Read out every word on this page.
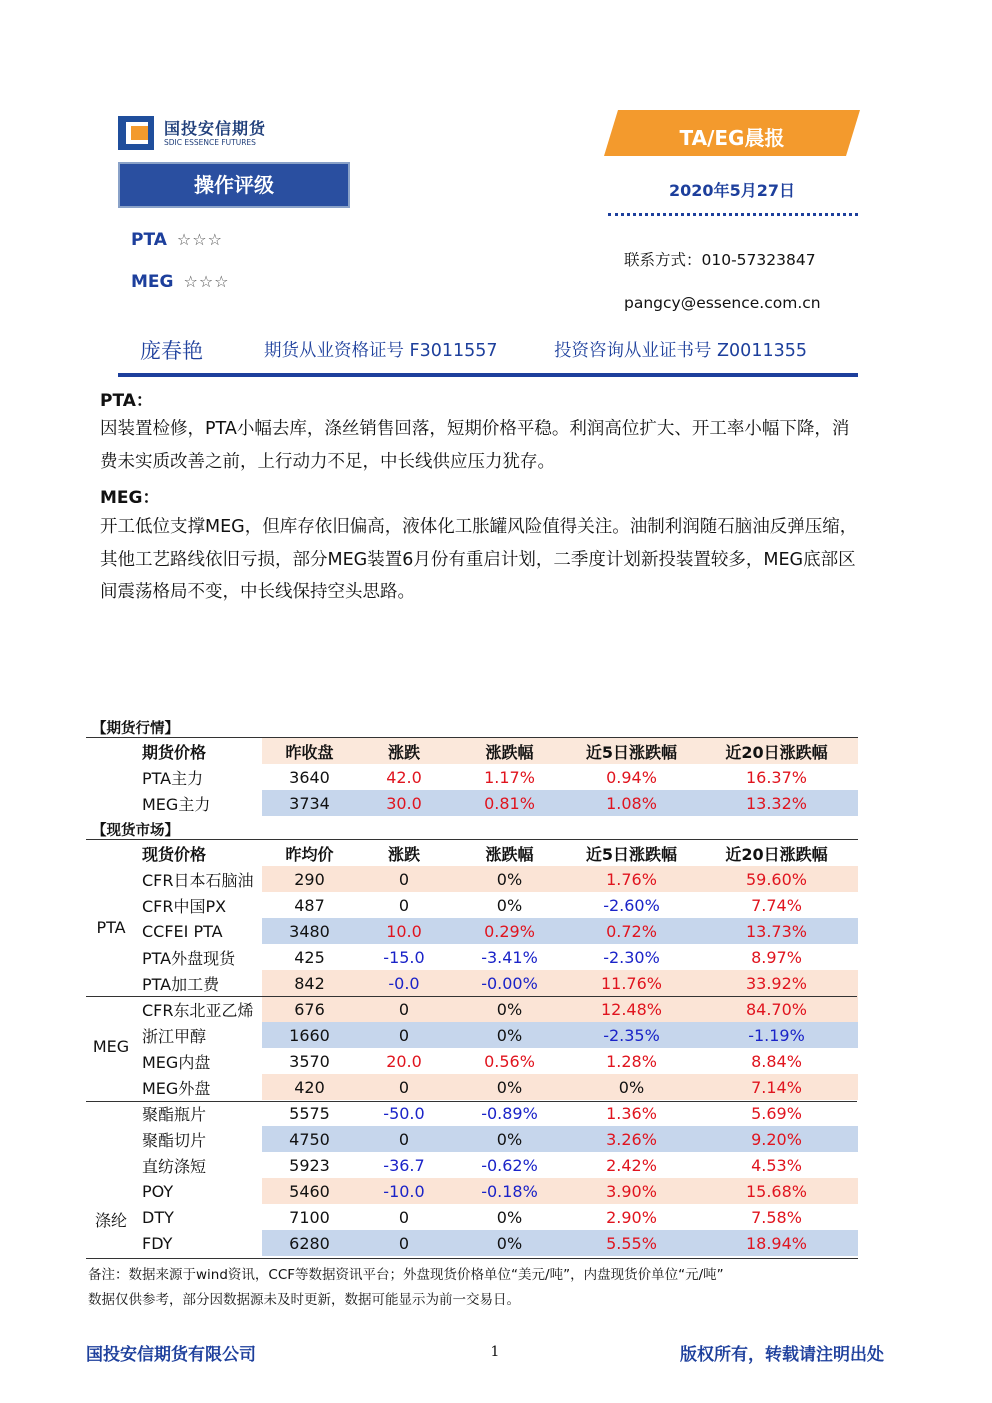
国投安信期货
SDIC ESSENCE FUTURES	TA/EG晨报
操作评级	2020年5月27日
PTA ☆☆☆
MEG ☆☆☆
联系方式：010-57323847
pangcy@essence.com.cn
庞春艳	期货从业资格证号 F3011557	投资咨询从业证书号 Z0011355
PTA：
因装置检修，PTA小幅去库，涤丝销售回落，短期价格平稳。利润高位扩大、开工率小幅下降，消费未实质改善之前，上行动力不足，中长线供应压力犹存。
MEG：
开工低位支撑MEG，但库存依旧偏高，液体化工胀罐风险值得关注。油制利润随石脑油反弹压缩，其他工艺路线依旧亏损，部分MEG装置6月份有重启计划，二季度计划新投装置较多，MEG底部区间震荡格局不变，中长线保持空头思路。
【期货行情】
	期货价格	昨收盘	涨跌	涨跌幅	近5日涨跌幅	近20日涨跌幅
	PTA主力	3640	42.0	1.17%	0.94%	16.37%
	MEG主力	3734	30.0	0.81%	1.08%	13.32%
【现货市场】
	现货价格	昨均价	涨跌	涨跌幅	近5日涨跌幅	近20日涨跌幅
	CFR日本石脑油	290	0	0%	1.76%	59.60%
	CFR中国PX	487	0	0%	-2.60%	7.74%
	CCFEI PTA	3480	10.0	0.29%	0.72%	13.73%
	PTA外盘现货	425	-15.0	-3.41%	-2.30%	8.97%
	PTA加工费	842	-0.0	-0.00%	11.76%	33.92%
	CFR东北亚乙烯	676	0	0%	12.48%	84.70%
	浙江甲醇	1660	0	0%	-2.35%	-1.19%
	MEG内盘	3570	20.0	0.56%	1.28%	8.84%
	MEG外盘	420	0	0%	0%	7.14%
	聚酯瓶片	5575	-50.0	-0.89%	1.36%	5.69%
	聚酯切片	4750	0	0%	3.26%	9.20%
	直纺涤短	5923	-36.7	-0.62%	2.42%	4.53%
	POY	5460	-10.0	-0.18%	3.90%	15.68%
	DTY	7100	0	0%	2.90%	7.58%
	FDY	6280	0	0%	5.55%	18.94%
PTA
MEG
涤纶
备注：数据来源于wind资讯，CCF等数据资讯平台；外盘现货价格单位“美元/吨”，内盘现货价单位“元/吨”
数据仅供参考，部分因数据源未及时更新，数据可能显示为前一交易日。
国投安信期货有限公司	1	版权所有，转载请注明出处
